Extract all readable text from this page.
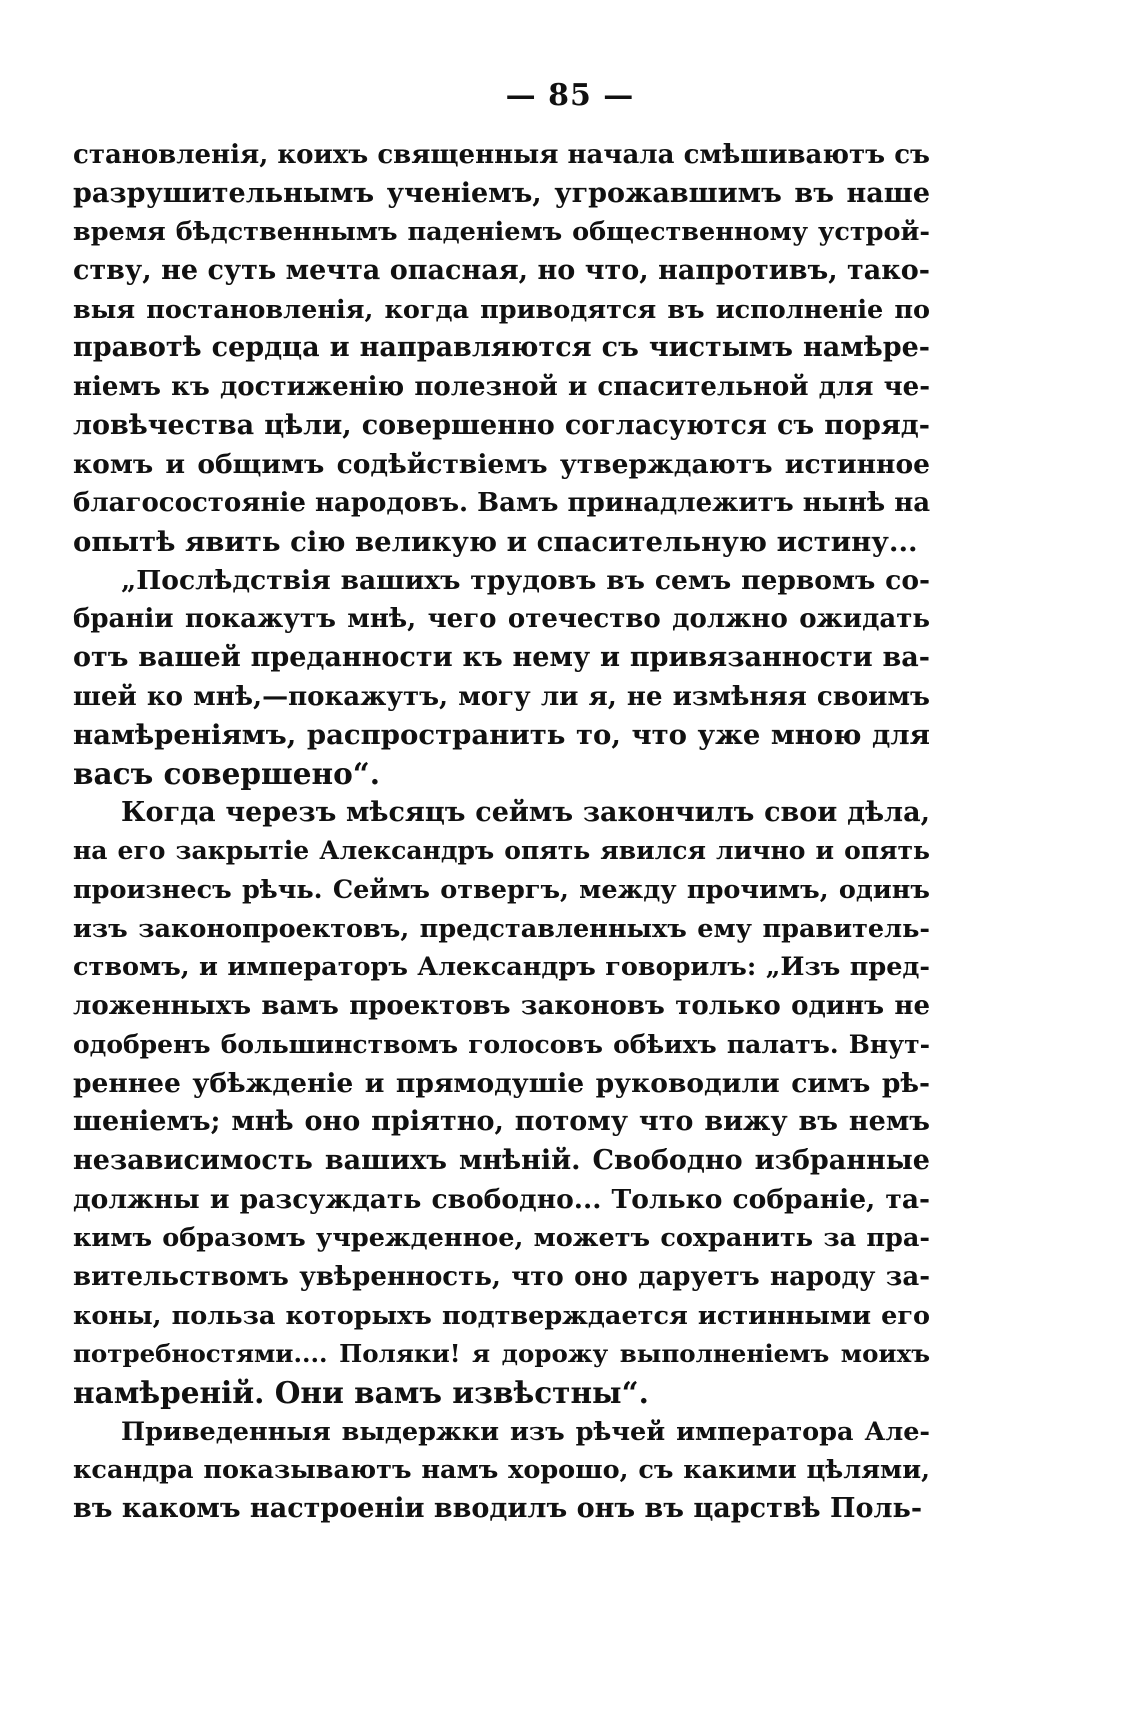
— 85 —
становленія, коихъ священныя начала смѣшиваютъ съ
разрушительнымъ ученіемъ, угрожавшимъ въ наше
время бѣдственнымъ паденіемъ общественному устрой-
ству, не суть мечта опасная, но что, напротивъ, тако-
выя постановленія, когда приводятся въ исполненіе по
правотѣ сердца и направляются съ чистымъ намѣре-
ніемъ къ достиженію полезной и спасительной для че-
ловѣчества цѣли, совершенно согласуются съ поряд-
комъ и общимъ содѣйствіемъ утверждаютъ истинное
благосостояніе народовъ. Вамъ принадлежитъ нынѣ на
опытѣ явить сію великую и спасительную истину...
„Послѣдствія вашихъ трудовъ въ семъ первомъ со-
браніи покажутъ мнѣ, чего отечество должно ожидать
отъ вашей преданности къ нему и привязанности ва-
шей ко мнѣ,—покажутъ, могу ли я, не измѣняя своимъ
намѣреніямъ, распространить то, что уже мною для
васъ совершено“.
Когда черезъ мѣсяцъ сеймъ закончилъ свои дѣла,
на его закрытіе Александръ опять явился лично и опять
произнесъ рѣчь. Сеймъ отвергъ, между прочимъ, одинъ
изъ законопроектовъ, представленныхъ ему правитель-
ствомъ, и императоръ Александръ говорилъ: „Изъ пред-
ложенныхъ вамъ проектовъ законовъ только одинъ не
одобренъ большинствомъ голосовъ обѣихъ палатъ. Внут-
реннее убѣжденіе и прямодушіе руководили симъ рѣ-
шеніемъ; мнѣ оно пріятно, потому что вижу въ немъ
независимость вашихъ мнѣній. Свободно избранные
должны и разсуждать свободно... Только собраніе, та-
кимъ образомъ учрежденное, можетъ сохранить за пра-
вительствомъ увѣренность, что оно даруетъ народу за-
коны, польза которыхъ подтверждается истинными его
потребностями.... Поляки! я дорожу выполненіемъ моихъ
намѣреній. Они вамъ извѣстны“.
Приведенныя выдержки изъ рѣчей императора Але-
ксандра показываютъ намъ хорошо, съ какими цѣлями,
въ какомъ настроеніи вводилъ онъ въ царствѣ Поль-
